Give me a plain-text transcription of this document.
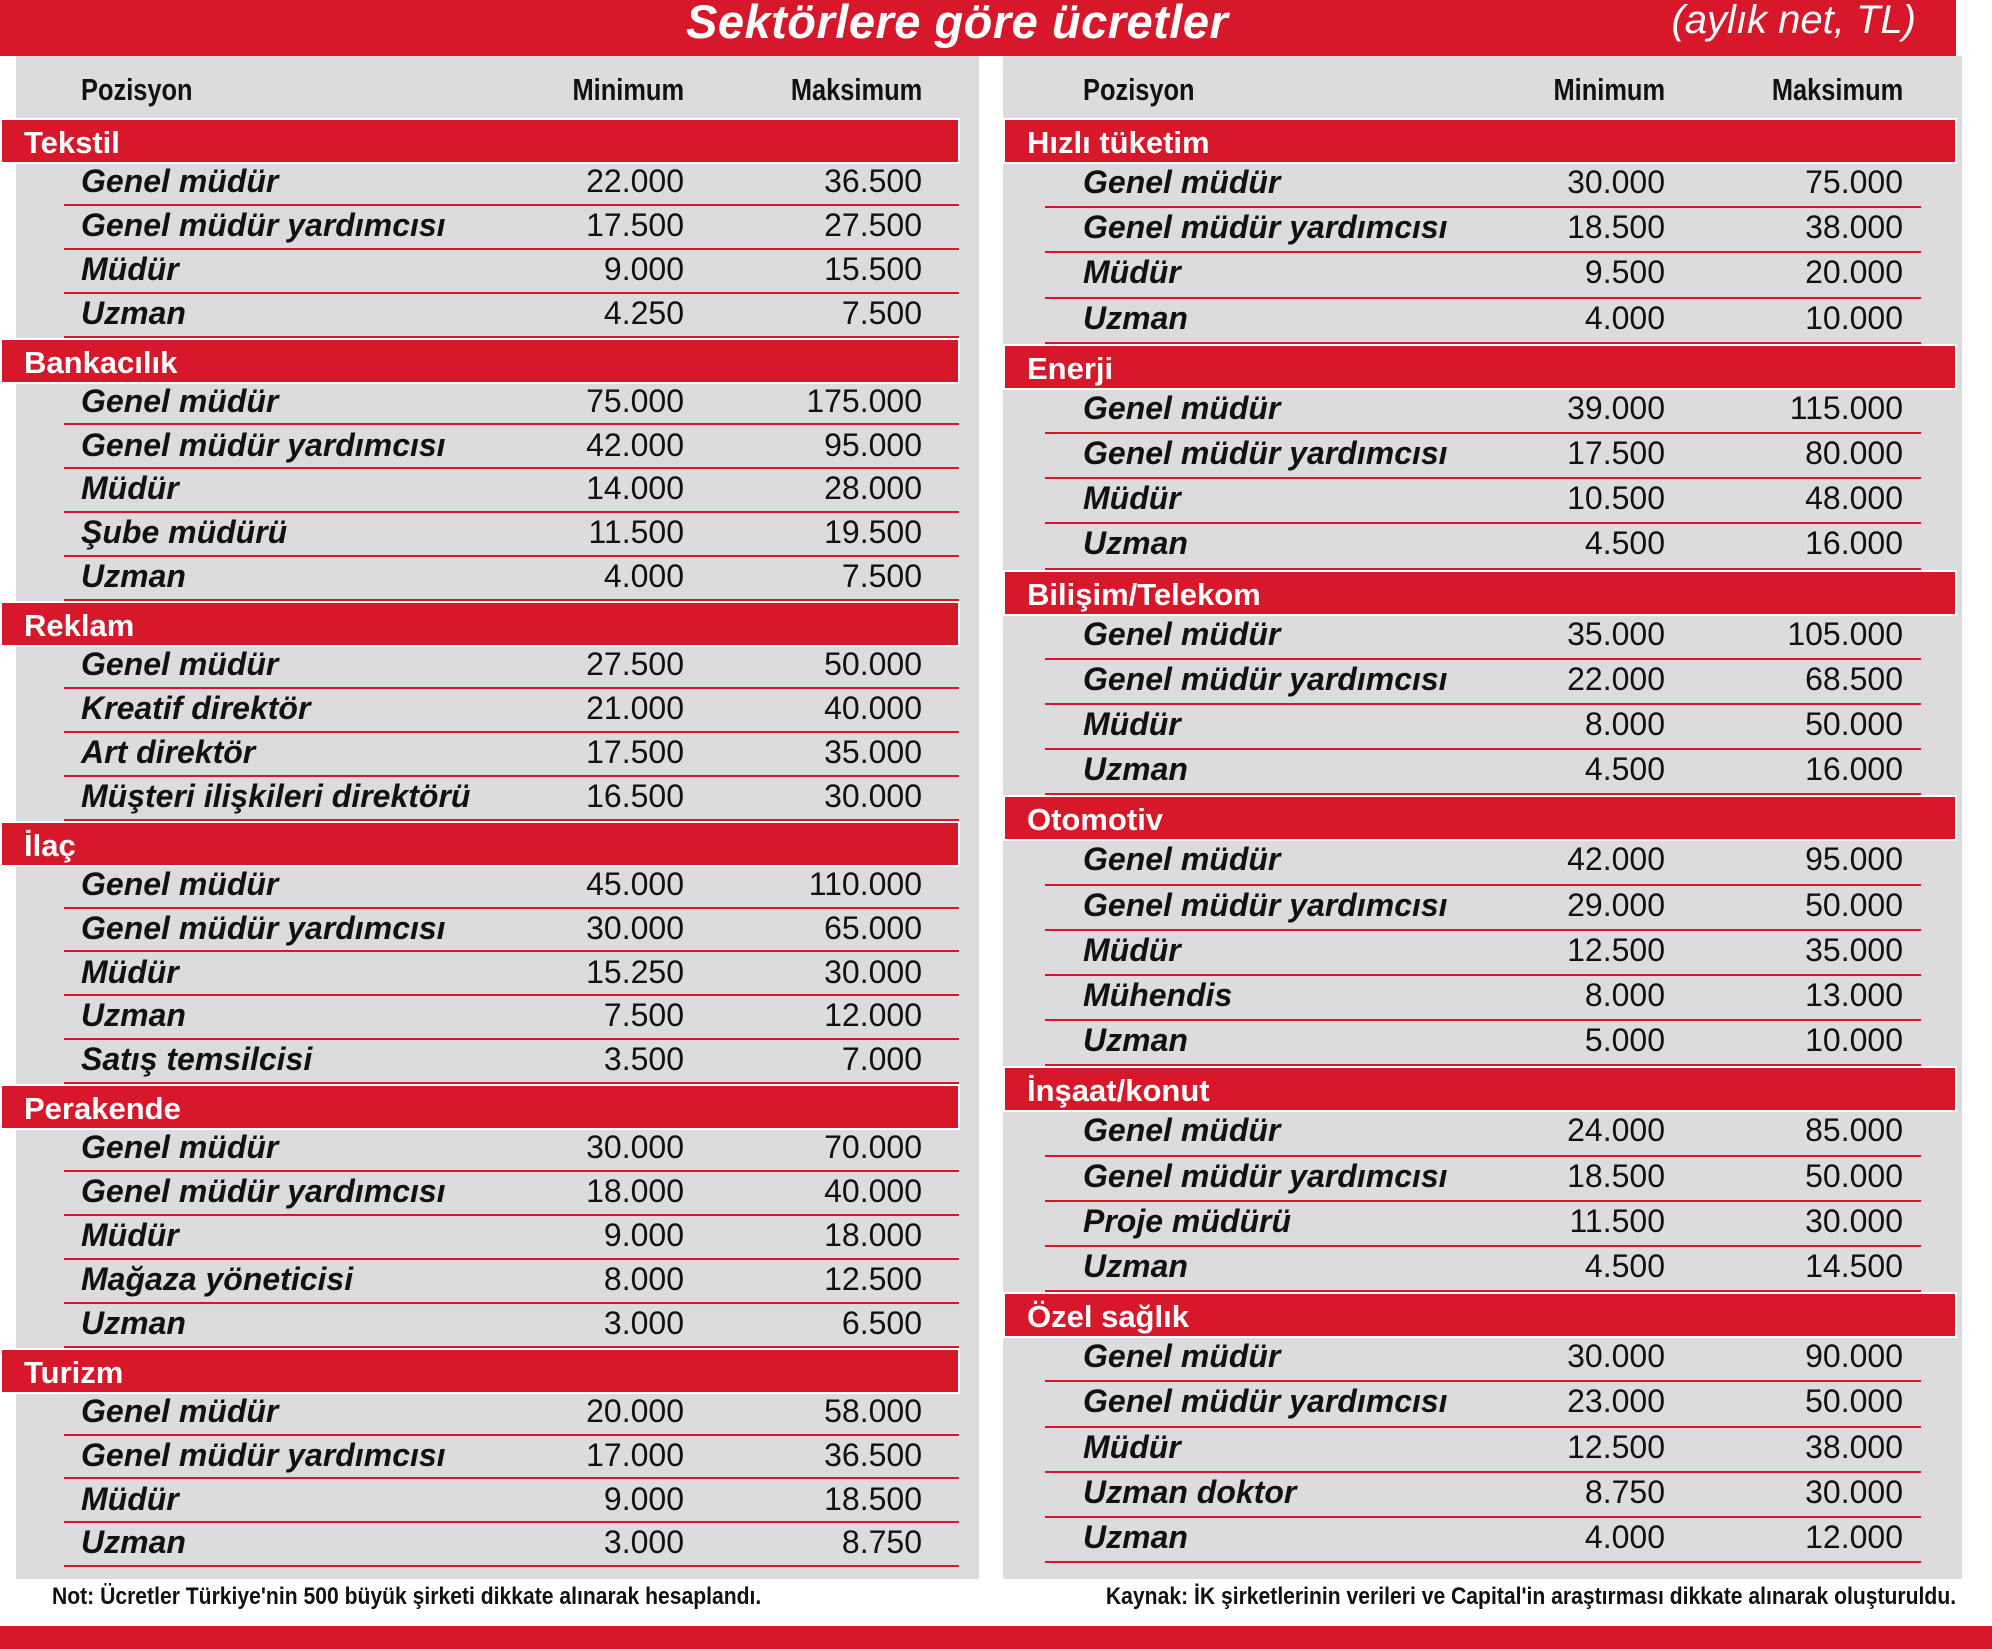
Sektörlere göre ücretler	(aylık net, TL)
Pozisyon	Minimum	Maksimum
Tekstil
Genel müdür	22.000	36.500
Genel müdür yardımcısı	17.500	27.500
Müdür	9.000	15.500
Uzman	4.250	7.500
Bankacılık
Genel müdür	75.000	175.000
Genel müdür yardımcısı	42.000	95.000
Müdür	14.000	28.000
Şube müdürü	11.500	19.500
Uzman	4.000	7.500
Reklam
Genel müdür	27.500	50.000
Kreatif direktör	21.000	40.000
Art direktör	17.500	35.000
Müşteri ilişkileri direktörü	16.500	30.000
İlaç
Genel müdür	45.000	110.000
Genel müdür yardımcısı	30.000	65.000
Müdür	15.250	30.000
Uzman	7.500	12.000
Satış temsilcisi	3.500	7.000
Perakende
Genel müdür	30.000	70.000
Genel müdür yardımcısı	18.000	40.000
Müdür	9.000	18.000
Mağaza yöneticisi	8.000	12.500
Uzman	3.000	6.500
Turizm
Genel müdür	20.000	58.000
Genel müdür yardımcısı	17.000	36.500
Müdür	9.000	18.500
Uzman	3.000	8.750
Pozisyon	Minimum	Maksimum
Hızlı tüketim
Genel müdür	30.000	75.000
Genel müdür yardımcısı	18.500	38.000
Müdür	9.500	20.000
Uzman	4.000	10.000
Enerji
Genel müdür	39.000	115.000
Genel müdür yardımcısı	17.500	80.000
Müdür	10.500	48.000
Uzman	4.500	16.000
Bilişim/Telekom
Genel müdür	35.000	105.000
Genel müdür yardımcısı	22.000	68.500
Müdür	8.000	50.000
Uzman	4.500	16.000
Otomotiv
Genel müdür	42.000	95.000
Genel müdür yardımcısı	29.000	50.000
Müdür	12.500	35.000
Mühendis	8.000	13.000
Uzman	5.000	10.000
İnşaat/konut
Genel müdür	24.000	85.000
Genel müdür yardımcısı	18.500	50.000
Proje müdürü	11.500	30.000
Uzman	4.500	14.500
Özel sağlık
Genel müdür	30.000	90.000
Genel müdür yardımcısı	23.000	50.000
Müdür	12.500	38.000
Uzman doktor	8.750	30.000
Uzman	4.000	12.000
Not: Ücretler Türkiye'nin 500 büyük şirketi dikkate alınarak hesaplandı.	Kaynak: İK şirketlerinin verileri ve Capital'in araştırması dikkate alınarak oluşturuldu.
